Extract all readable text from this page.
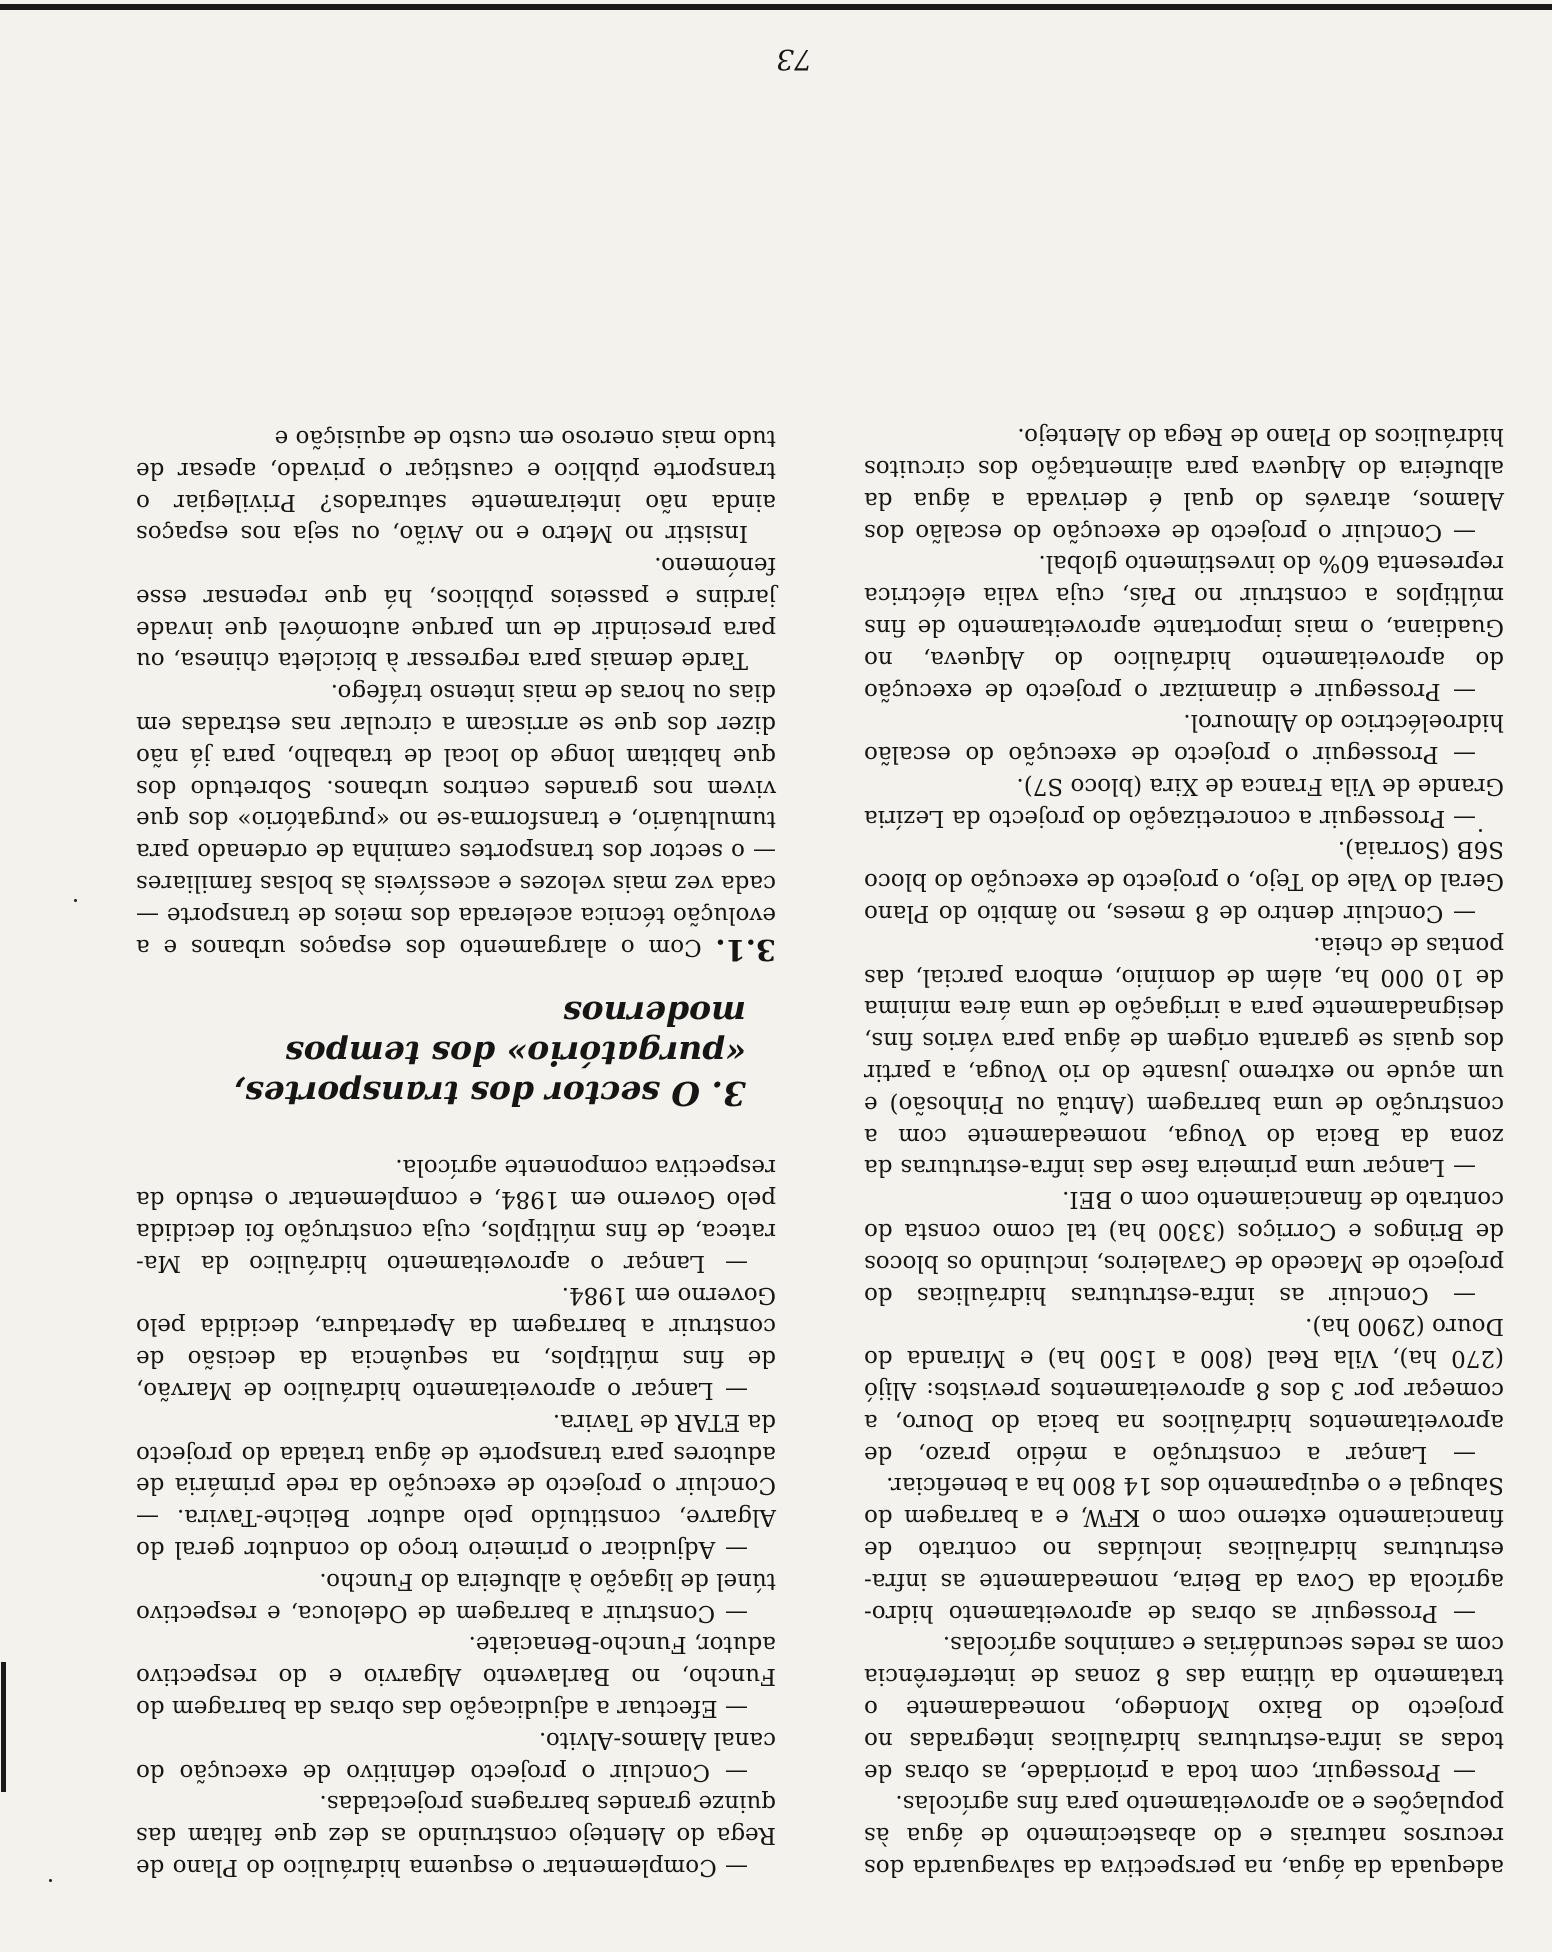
73

adequada da água, na perspectiva da salvaguarda dos recursos naturais e do abastecimento de água às populações e ao aproveitamento para fins agrícolas.

— Prosseguir, com toda a prioridade, as obras de todas as infra-estruturas hidráulicas integradas no projecto do Baixo Mondego, nomeadamente o tratamento da última das 8 zonas de interferência com as redes secundárias e caminhos agrícolas.

— Prosseguir as obras de aproveitamento hidro-agrícola da Cova da Beira, nomeadamente as infra-estruturas hidráulicas incluídas no contrato de financiamento externo com o KFW, e a barragem do Sabugal e o equipamento dos 14 800 ha a beneficiar.

— Lançar a construção a médio prazo, de aproveitamentos hidráulicos na bacia do Douro, a começar por 3 dos 8 aproveitamentos previstos: Alijó (270 ha), Vila Real (800 a 1500 ha) e Miranda do Douro (2900 ha).

— Concluir as infra-estruturas hidráulicas do projecto de Macedo de Cavaleiros, incluindo os blocos de Bringos e Corriços (3300 ha) tal como consta do contrato de financiamento com o BEI.

— Lançar uma primeira fase das infra-estruturas da zona da Bacia do Vouga, nomeadamente com a construção de uma barragem (Antuã ou Pinhosão) e um açude no extremo jusante do rio Vouga, a partir dos quais se garanta origem de água para vários fins, designadamente para a irrigação de uma área mínima de 10 000 ha, além de domínio, embora parcial, das pontas de cheia.

— Concluir dentro de 8 meses, no âmbito do Plano Geral do Vale do Tejo, o projecto de execução do bloco S6B (Sorraia).

— Prosseguir a concretização do projecto da Lezíria Grande de Vila Franca de Xira (bloco S7).

— Prosseguir o projecto de execução do escalão hidroeléctrico do Almourol.

— Prosseguir e dinamizar o projecto de execução do aproveitamento hidráulico do Alqueva, no Guadiana, o mais importante aproveitamento de fins múltiplos a construir no País, cuja valia eléctrica representa 60% do investimento global.

— Concluir o projecto de execução do escalão dos Alamos, através do qual é derivada a água da albufeira do Alqueva para alimentação dos circuitos hidráulicos do Plano de Rega do Alentejo.

— Complementar o esquema hidráulico do Plano de Rega do Alentejo construindo as dez que faltam das quinze grandes barragens projectadas.

— Concluir o projecto definitivo de execução do canal Alamos-Alvito.

— Efectuar a adjudicação das obras da barragem do Funcho, no Barlavento Algarvio e do respectivo adutor, Funcho-Benaciate.

— Construir a barragem de Odelouca, e respectivo túnel de ligação à albufeira do Funcho.

— Adjudicar o primeiro troço do condutor geral do Algarve, constituído pelo adutor Beliche-Tavira. — Concluir o projecto de execução da rede primária de adutores para transporte de água tratada do projecto da ETAR de Tavira.

— Lançar o aproveitamento hidráulico de Marvão, de fins múltiplos, na sequência da decisão de construir a barragem da Apertadura, decidida pelo Governo em 1984.

— Lançar o aproveitamento hidráulico da Ma-rateca, de fins múltiplos, cuja construção foi decidida pelo Governo em 1984, e complementar o estudo da respectiva componente agrícola.

3. O sector dos transportes, «purgatório» dos tempos modernos

3.1. Com o alargamento dos espaços urbanos e a evolução técnica acelerada dos meios de transporte — cada vez mais velozes e acessíveis às bolsas familiares — o sector dos transportes caminha de ordenado para tumultuário, e transforma-se no «purgatório» dos que vivem nos grandes centros urbanos. Sobretudo dos que habitam longe do local de trabalho, para já não dizer dos que se arriscam a circular nas estradas em dias ou horas de mais intenso tráfego.

Tarde demais para regressar à bicicleta chinesa, ou para prescindir de um parque automóvel que invade jardins e passeios públicos, há que repensar esse fenómeno.

Insistir no Metro e no Avião, ou seja nos espaços ainda não inteiramente saturados? Privilegiar o transporte público e caustiçar o privado, apesar de tudo mais oneroso em custo de aquisição e
